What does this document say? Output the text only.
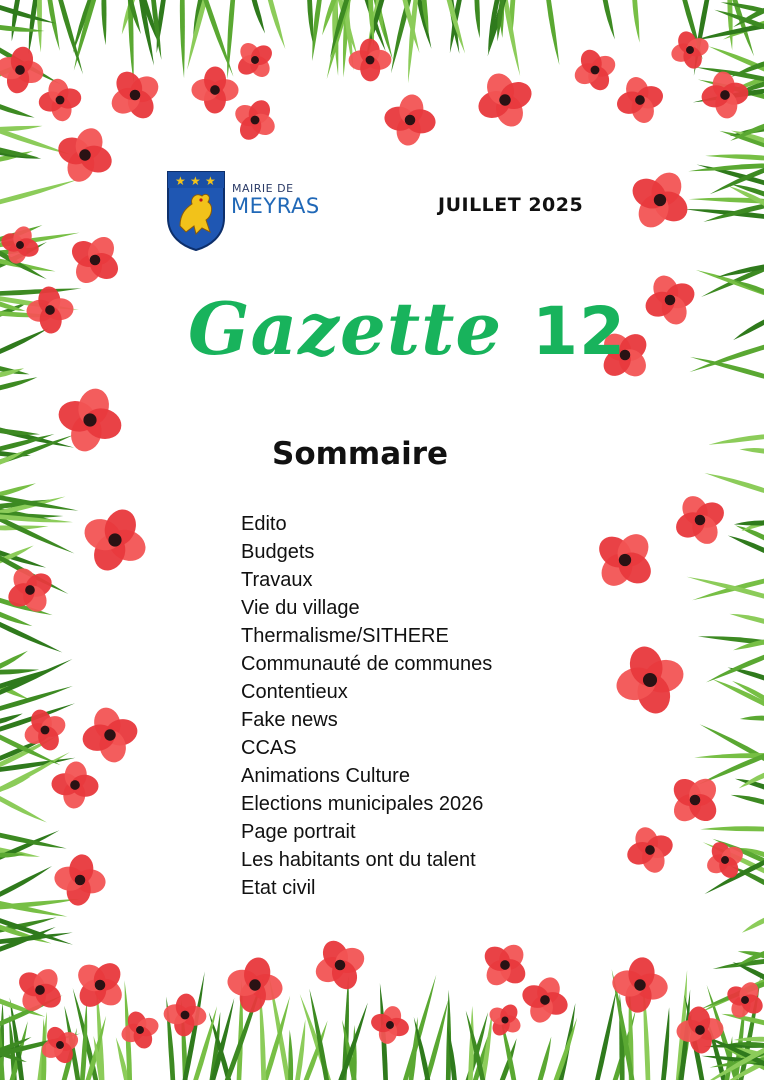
★ ★ ★
MAIRIE DE
MEYRAS	JUILLET 2025
Gazette 12
Sommaire
Edito
Budgets
Travaux
Vie du village
Thermalisme/SITHERE
Communauté de communes
Contentieux
Fake news
CCAS
Animations Culture
Elections municipales 2026
Page portrait
Les habitants ont du talent
Etat civil
